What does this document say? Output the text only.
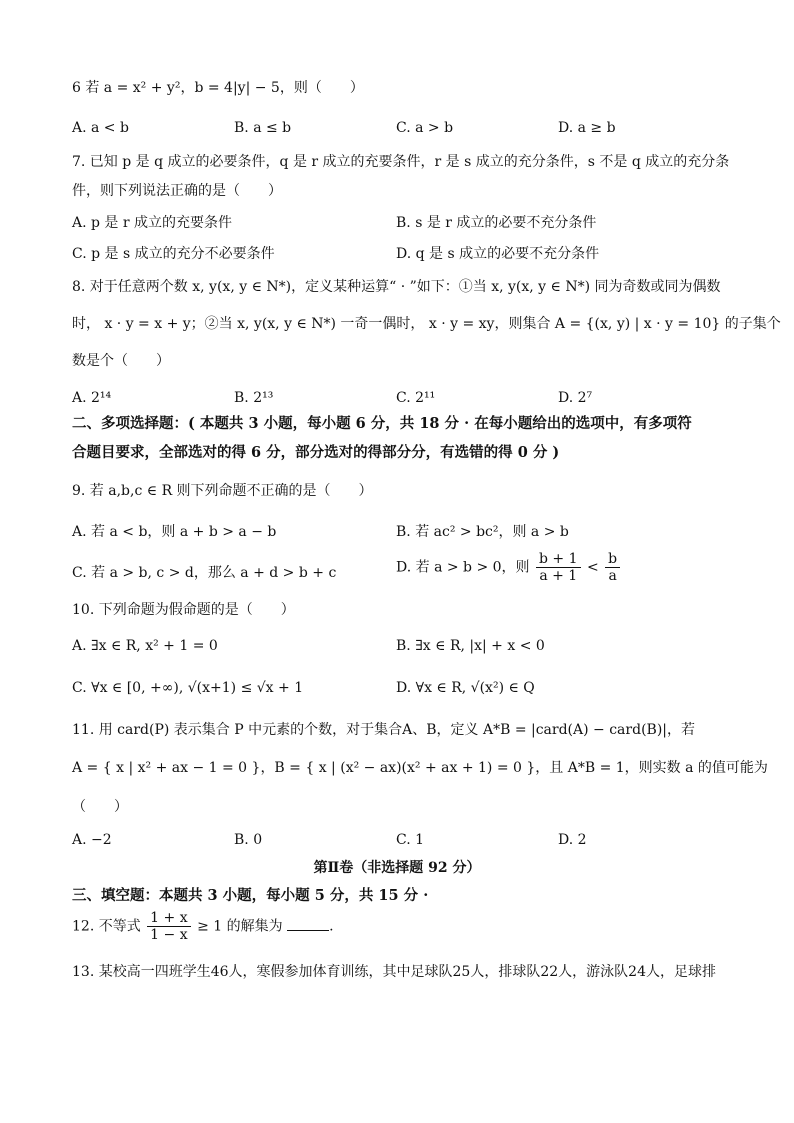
6 若 a = x² + y²，b = 4|y| − 5，则（　　）
A. a < b	B. a ≤ b	C. a > b	D. a ≥ b
7. 已知 p 是 q 成立的必要条件，q 是 r 成立的充要条件，r 是 s 成立的充分条件，s 不是 q 成立的充分条
件，则下列说法正确的是（　　）
A. p 是 r 成立的充要条件	B. s 是 r 成立的必要不充分条件
C. p 是 s 成立的充分不必要条件	D. q 是 s 成立的必要不充分条件
8. 对于任意两个数 x, y(x, y ∈ N*)，定义某种运算“ · ”如下：①当 x, y(x, y ∈ N*) 同为奇数或同为偶数
时， x · y = x + y；②当 x, y(x, y ∈ N*) 一奇一偶时， x · y = xy，则集合 A = {(x, y) | x · y = 10} 的子集个
数是个（　　）
A. 2¹⁴	B. 2¹³	C. 2¹¹	D. 2⁷
二、多项选择题：( 本题共 3 小题，每小题 6 分，共 18 分 · 在每小题给出的选项中，有多项符
合题目要求，全部选对的得 6 分，部分选对的得部分分，有选错的得 0 分 )
9. 若 a,b,c ∈ R 则下列命题不正确的是（　　）
A. 若 a < b，则 a + b > a − b	B. 若 ac² > bc²，则 a > b
C. 若 a > b, c > d，那么 a + d > b + c	D. 若 a > b > 0，则 $\frac{b + 1}{a + 1} < \frac{b}{a}$
10. 下列命题为假命题的是（　　）
A. ∃x ∈ R, x² + 1 = 0	B. ∃x ∈ R, |x| + x < 0
C. ∀x ∈ [0, +∞), √(x+1) ≤ √x + 1	D. ∀x ∈ R, √(x²) ∈ Q
11. 用 card(P) 表示集合 P 中元素的个数，对于集合A、B，定义 A*B = |card(A) − card(B)|，若
A = { x | x² + ax − 1 = 0 }，B = { x | (x² − ax)(x² + ax + 1) = 0 }，且 A*B = 1，则实数 a 的值可能为
（　　）
A. −2	B. 0	C. 1	D. 2
第Ⅱ卷（非选择题 92 分）
三、填空题：本题共 3 小题，每小题 5 分，共 15 分 ·
12. 不等式 $\frac{1 + x}{1 - x} \ge 1$ 的解集为	.
13. 某校高一四班学生46人，寒假参加体育训练，其中足球队25人，排球队22人，游泳队24人，足球排
